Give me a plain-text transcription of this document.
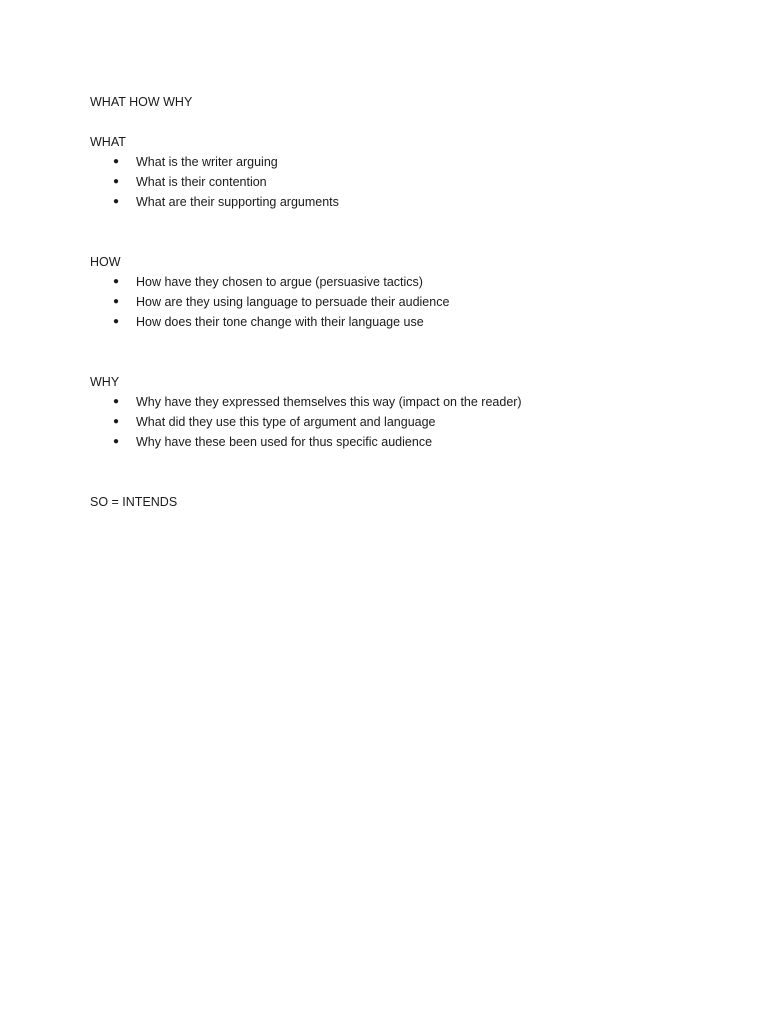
WHAT HOW WHY
WHAT
● What is the writer arguing
● What is their contention
● What are their supporting arguments
HOW
● How have they chosen to argue (persuasive tactics)
● How are they using language to persuade their audience
● How does their tone change with their language use
WHY
● Why have they expressed themselves this way (impact on the reader)
● What did they use this type of argument and language
● Why have these been used for thus specific audience
SO = INTENDS
